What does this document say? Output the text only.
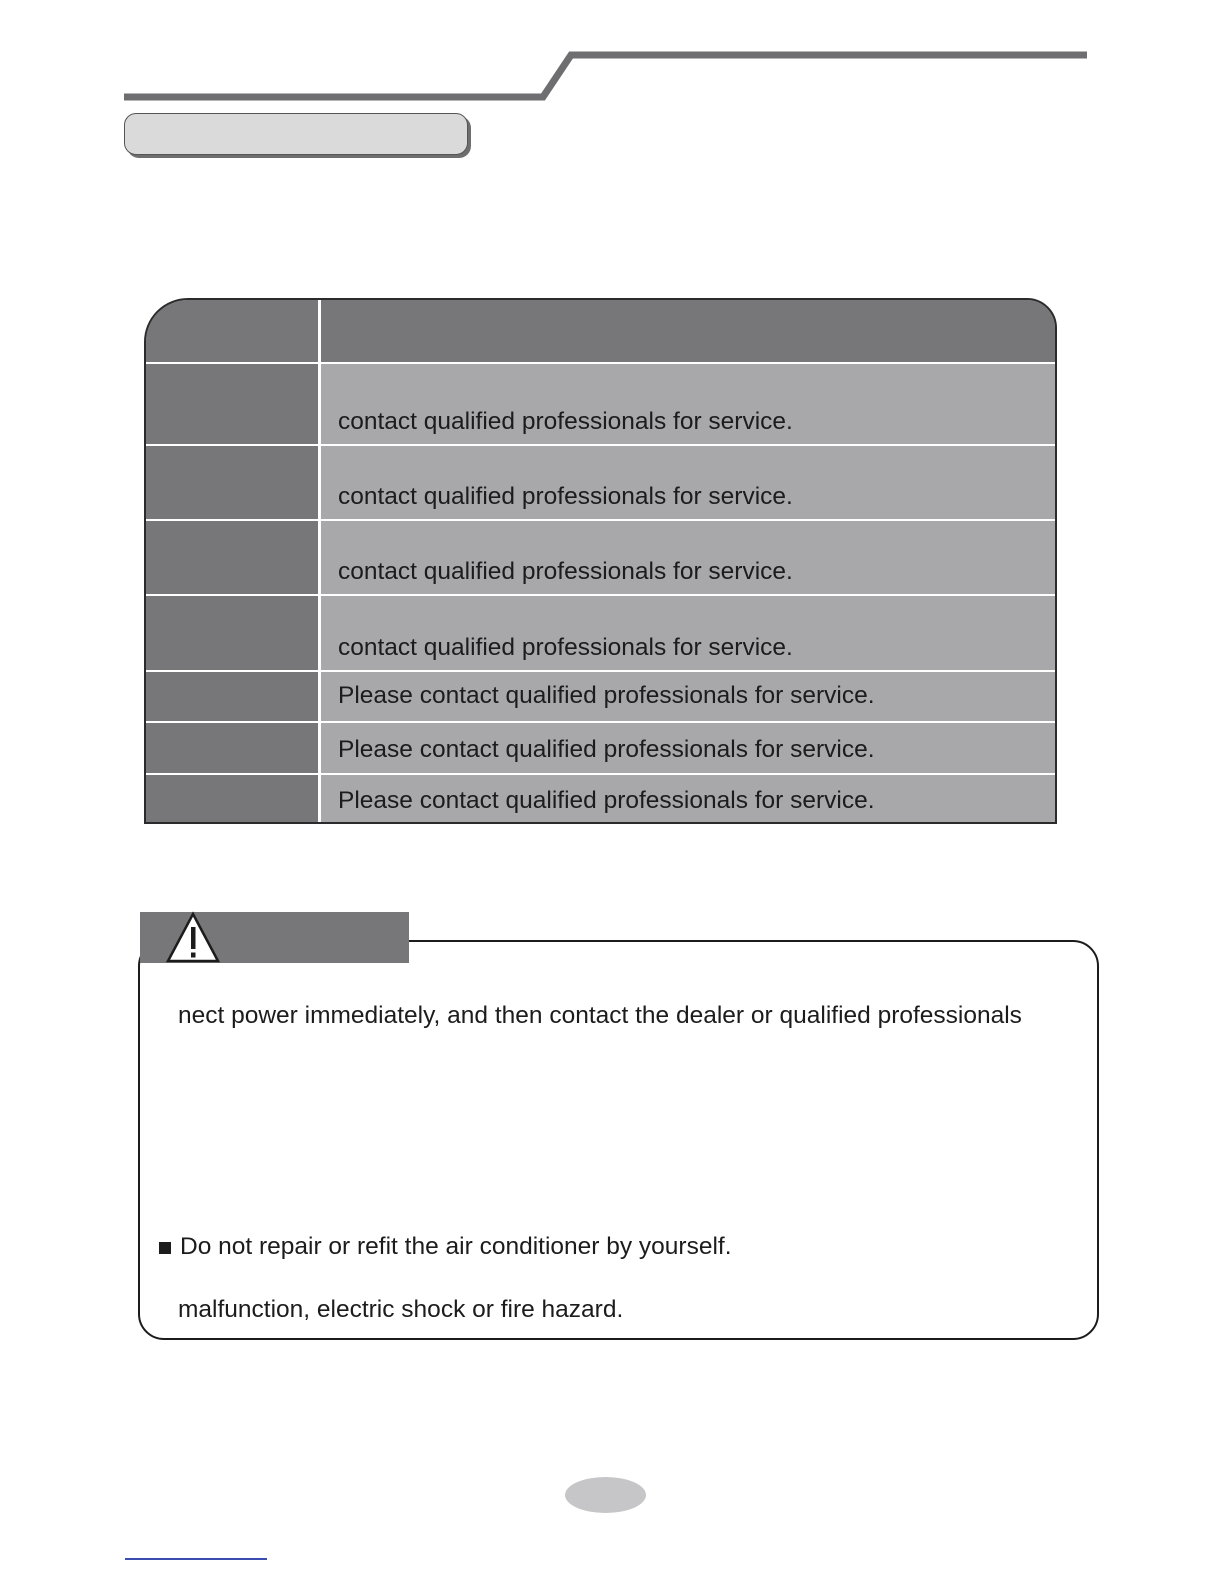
contact qualified professionals for service.
contact qualified professionals for service.
contact qualified professionals for service.
contact qualified professionals for service.
Please contact qualified professionals for service.
Please contact qualified professionals for service.
Please contact qualified professionals for service.
nect power immediately, and then contact the dealer or qualified professionals
Do not repair or refit the air conditioner by yourself.
malfunction, electric shock or fire hazard.
